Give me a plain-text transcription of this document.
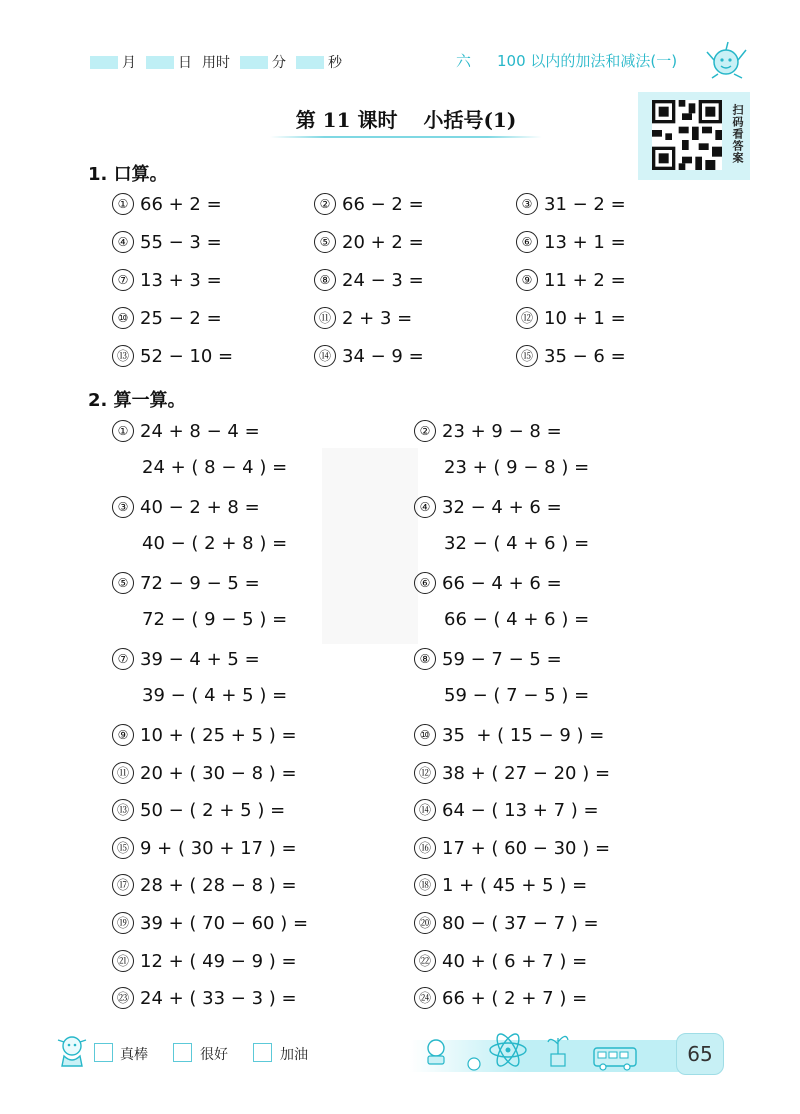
月	日 用时	分	秒	六 100 以内的加法和减法(一)
扫码看答案
第 11 课时 小括号(1)
1. 口算。
① 66 + 2 =	② 66 − 2 =	③ 31 − 2 =
④ 55 − 3 =	⑤ 20 + 2 =	⑥ 13 + 1 =
⑦ 13 + 3 =	⑧ 24 − 3 =	⑨ 11 + 2 =
⑩ 25 − 2 =	⑪ 2 + 3 =	⑫ 10 + 1 =
⑬ 52 − 10 =	⑭ 34 − 9 =	⑮ 35 − 6 =
2. 算一算。
① 24 + 8 − 4 =
24 + ( 8 − 4 ) =
② 23 + 9 − 8 =
23 + ( 9 − 8 ) =
③ 40 − 2 + 8 =
40 − ( 2 + 8 ) =
④ 32 − 4 + 6 =
32 − ( 4 + 6 ) =
⑤ 72 − 9 − 5 =
72 − ( 9 − 5 ) =
⑥ 66 − 4 + 6 =
66 − ( 4 + 6 ) =
⑦ 39 − 4 + 5 =
39 − ( 4 + 5 ) =
⑧ 59 − 7 − 5 =
59 − ( 7 − 5 ) =
⑨ 10 + ( 25 + 5 ) =	⑩ 35  + ( 15 − 9 ) =
⑪ 20 + ( 30 − 8 ) =	⑫ 38 + ( 27 − 20 ) =
⑬ 50 − ( 2 + 5 ) =	⑭ 64 − ( 13 + 7 ) =
⑮ 9 + ( 30 + 17 ) =	⑯ 17 + ( 60 − 30 ) =
⑰ 28 + ( 28 − 8 ) =	⑱ 1 + ( 45 + 5 ) =
⑲ 39 + ( 70 − 60 ) =	⑳ 80 − ( 37 − 7 ) =
㉑ 12 + ( 49 − 9 ) =	㉒ 40 + ( 6 + 7 ) =
㉓ 24 + ( 33 − 3 ) =	㉔ 66 + ( 2 + 7 ) =
真棒	很好	加油	65
